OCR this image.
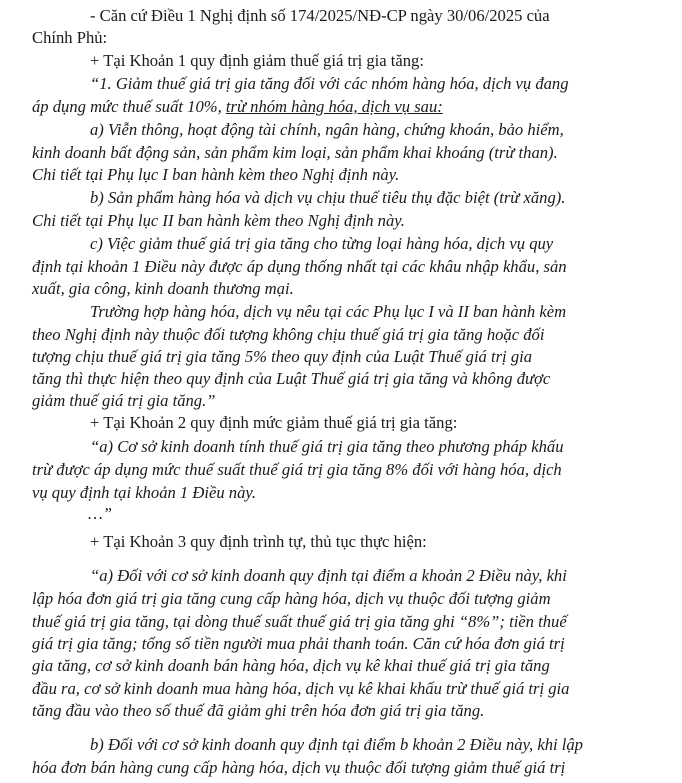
- Căn cứ Điều 1 Nghị định số 174/2025/NĐ-CP ngày 30/06/2025 của

Chính Phủ:

+ Tại Khoản 1 quy định giảm thuế giá trị gia tăng:

“1. Giảm thuế giá trị gia tăng đối với các nhóm hàng hóa, dịch vụ đang

áp dụng mức thuế suất 10%, trừ nhóm hàng hóa, dịch vụ sau:

a) Viễn thông, hoạt động tài chính, ngân hàng, chứng khoán, bảo hiểm,

kinh doanh bất động sản, sản phẩm kim loại, sản phẩm khai khoáng (trừ than).

Chi tiết tại Phụ lục I ban hành kèm theo Nghị định này.

b) Sản phẩm hàng hóa và dịch vụ chịu thuế tiêu thụ đặc biệt (trừ xăng).

Chi tiết tại Phụ lục II ban hành kèm theo Nghị định này.

c) Việc giảm thuế giá trị gia tăng cho từng loại hàng hóa, dịch vụ quy

định tại khoản 1 Điều này được áp dụng thống nhất tại các khâu nhập khẩu, sản

xuất, gia công, kinh doanh thương mại.

Trường hợp hàng hóa, dịch vụ nêu tại các Phụ lục I và II ban hành kèm

theo Nghị định này thuộc đối tượng không chịu thuế giá trị gia tăng hoặc đối

tượng chịu thuế giá trị gia tăng 5% theo quy định của Luật Thuế giá trị gia

tăng thì thực hiện theo quy định của Luật Thuế giá trị gia tăng và không được

giảm thuế giá trị gia tăng.”

+ Tại Khoản 2 quy định mức giảm thuế giá trị gia tăng:

“a) Cơ sở kinh doanh tính thuế giá trị gia tăng theo phương pháp khấu

trừ được áp dụng mức thuế suất thuế giá trị gia tăng 8% đối với hàng hóa, dịch

vụ quy định tại khoản 1 Điều này.

…”

+ Tại Khoản 3 quy định trình tự, thủ tục thực hiện:

“a) Đối với cơ sở kinh doanh quy định tại điểm a khoản 2 Điều này, khi

lập hóa đơn giá trị gia tăng cung cấp hàng hóa, dịch vụ thuộc đối tượng giảm

thuế giá trị gia tăng, tại dòng thuế suất thuế giá trị gia tăng ghi “8%”; tiền thuế

giá trị gia tăng; tổng số tiền người mua phải thanh toán. Căn cứ hóa đơn giá trị

gia tăng, cơ sở kinh doanh bán hàng hóa, dịch vụ kê khai thuế giá trị gia tăng

đầu ra, cơ sở kinh doanh mua hàng hóa, dịch vụ kê khai khấu trừ thuế giá trị gia

tăng đầu vào theo số thuế đã giảm ghi trên hóa đơn giá trị gia tăng.

b) Đối với cơ sở kinh doanh quy định tại điểm b khoản 2 Điều này, khi lập

hóa đơn bán hàng cung cấp hàng hóa, dịch vụ thuộc đối tượng giảm thuế giá trị
